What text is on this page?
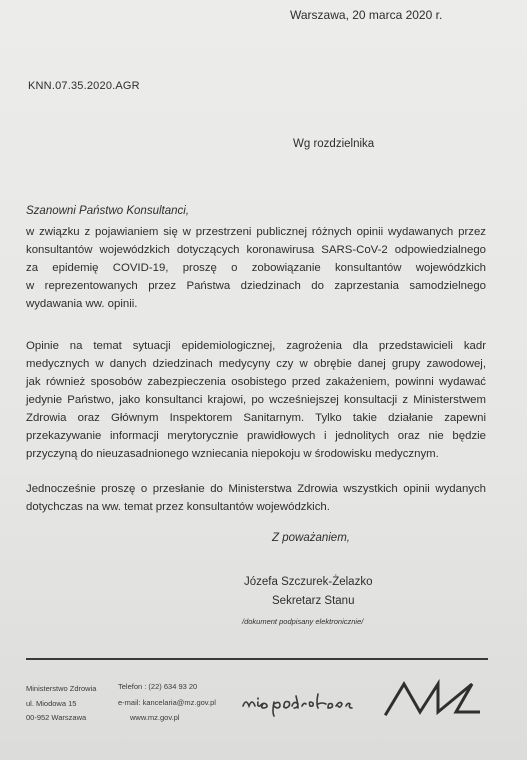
Warszawa, 20 marca 2020 r.
KNN.07.35.2020.AGR
Wg rozdzielnika
Szanowni Państwo Konsultanci,
w związku z pojawianiem się w przestrzeni publicznej różnych opinii wydawanych przez
konsultantów wojewódzkich dotyczących koronawirusa SARS-CoV-2 odpowiedzialnego
za epidemię COVID-19, proszę o zobowiązanie konsultantów wojewódzkich
w reprezentowanych przez Państwa dziedzinach do zaprzestania samodzielnego
wydawania ww. opinii.
Opinie na temat sytuacji epidemiologicznej, zagrożenia dla przedstawicieli kadr
medycznych w danych dziedzinach medycyny czy w obrębie danej grupy zawodowej,
jak również sposobów zabezpieczenia osobistego przed zakażeniem, powinni wydawać
jedynie Państwo, jako konsultanci krajowi, po wcześniejszej konsultacji z Ministerstwem
Zdrowia oraz Głównym Inspektorem Sanitarnym. Tylko takie działanie zapewni
przekazywanie informacji merytorycznie prawidłowych i jednolitych oraz nie będzie
przyczyną do nieuzasadnionego wzniecania niepokoju w środowisku medycznym.
Jednocześnie proszę o przesłanie do Ministerstwa Zdrowia wszystkich opinii wydanych
dotychczas na ww. temat przez konsultantów wojewódzkich.
Z poważaniem,
Józefa Szczurek-Żelazko
Sekretarz Stanu
/dokument podpisany elektronicznie/
Ministerstwo Zdrowia
ul. Miodowa 15
00-952 Warszawa
Telefon : (22) 634 93 20
e-mail: kancelaria@mz.gov.pl
www.mz.gov.pl
